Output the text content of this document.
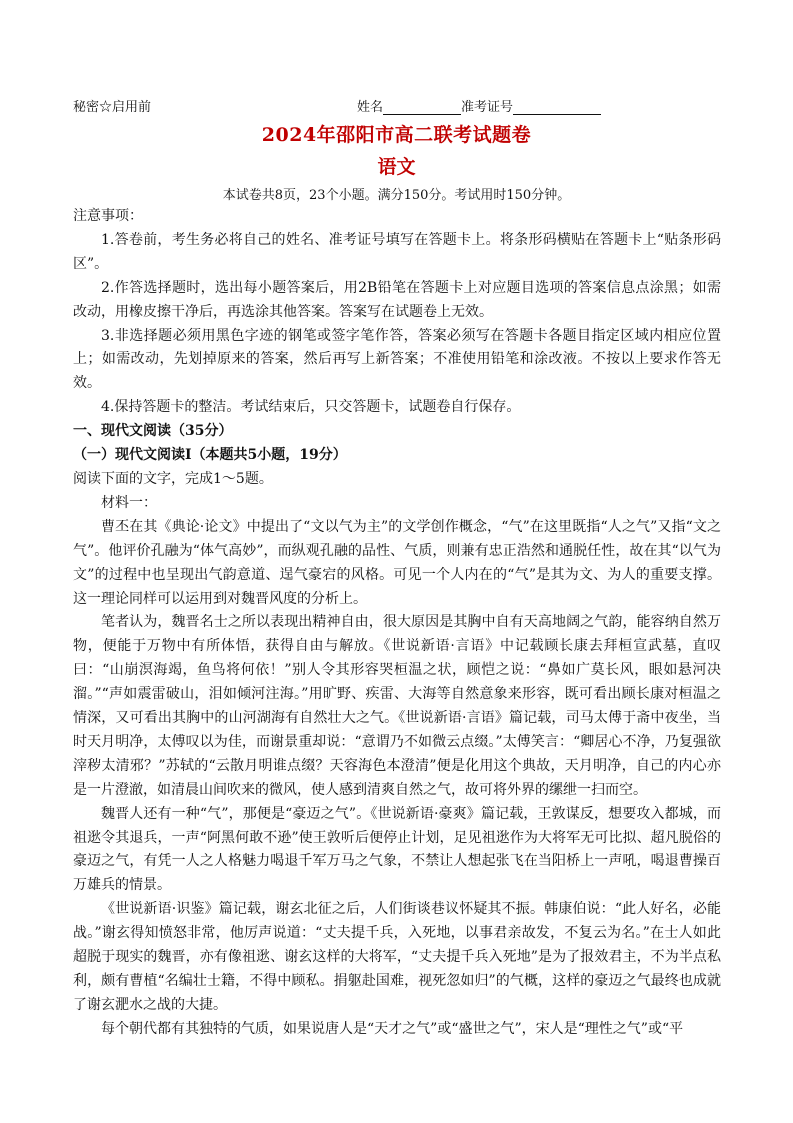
秘密☆启用前	姓名	准考证号
2024年邵阳市高二联考试题卷
语文
本试卷共8页，23个小题。满分150分。考试用时150分钟。

注意事项：

1.答卷前，考生务必将自己的姓名、准考证号填写在答题卡上。将条形码横贴在答题卡上“贴条形码区”。

2.作答选择题时，选出每小题答案后，用2B铅笔在答题卡上对应题目选项的答案信息点涂黑；如需改动，用橡皮擦干净后，再选涂其他答案。答案写在试题卷上无效。

3.非选择题必须用黑色字迹的钢笔或签字笔作答，答案必须写在答题卡各题目指定区域内相应位置上；如需改动，先划掉原来的答案，然后再写上新答案；不准使用铅笔和涂改液。不按以上要求作答无效。

4.保持答题卡的整洁。考试结束后，只交答题卡，试题卷自行保存。

一、现代文阅读（35分）

（一）现代文阅读Ⅰ（本题共5小题，19分）

阅读下面的文字，完成1～5题。

材料一：

曹丕在其《典论·论文》中提出了“文以气为主”的文学创作概念，“气”在这里既指“人之气”又指“文之气”。他评价孔融为“体气高妙”，而纵观孔融的品性、气质，则兼有忠正浩然和通脱任性，故在其“以气为文”的过程中也呈现出气韵意道、逞气豪宕的风格。可见一个人内在的“气”是其为文、为人的重要支撑。这一理论同样可以运用到对魏晋风度的分析上。

笔者认为，魏晋名士之所以表现出精神自由，很大原因是其胸中自有天高地阔之气韵，能容纳自然万物，便能于万物中有所体悟，获得自由与解放。《世说新语·言语》中记载顾长康去拜桓宣武墓，直叹曰：“山崩溟海竭，鱼鸟将何依！”别人令其形容哭桓温之状，顾恺之说：“鼻如广莫长风，眼如悬河决溜。”“声如震雷破山，泪如倾河注海。”用旷野、疾雷、大海等自然意象来形容，既可看出顾长康对桓温之情深，又可看出其胸中的山河湖海有自然壮大之气。《世说新语·言语》篇记载，司马太傅于斋中夜坐，当时天月明净，太傅叹以为佳，而谢景重却说：“意谓乃不如微云点缀。”太傅笑言：“卿居心不净，乃复强欲滓秽太清邪？”苏轼的“云散月明谁点缀？天容海色本澄清”便是化用这个典故，天月明净，自己的内心亦是一片澄澈，如清晨山间吹来的微风，使人感到清爽自然之气，故可将外界的缧绁一扫而空。

魏晋人还有一种“气”，那便是“豪迈之气”。《世说新语·豪爽》篇记载，王敦谋反，想要攻入都城，而祖逖令其退兵，一声“阿黑何敢不逊”使王敦听后便停止计划，足见祖逖作为大将军无可比拟、超凡脱俗的豪迈之气，有凭一人之人格魅力喝退千军万马之气象，不禁让人想起张飞在当阳桥上一声吼，喝退曹操百万雄兵的情景。

《世说新语·识鉴》篇记载，谢玄北征之后，人们街谈巷议怀疑其不振。韩康伯说：“此人好名，必能战。”谢玄得知愤怒非常，他厉声说道：“丈夫提千兵，入死地，以事君亲故发，不复云为名。”在士人如此超脱于现实的魏晋，亦有像祖逖、谢玄这样的大将军，“丈夫提千兵入死地”是为了报效君主，不为半点私利，颇有曹植“名编壮士籍，不得中顾私。捐躯赴国难，视死忽如归”的气概，这样的豪迈之气最终也成就了谢玄淝水之战的大捷。

每个朝代都有其独特的气质，如果说唐人是“天才之气”或“盛世之气”，宋人是“理性之气”或“平
